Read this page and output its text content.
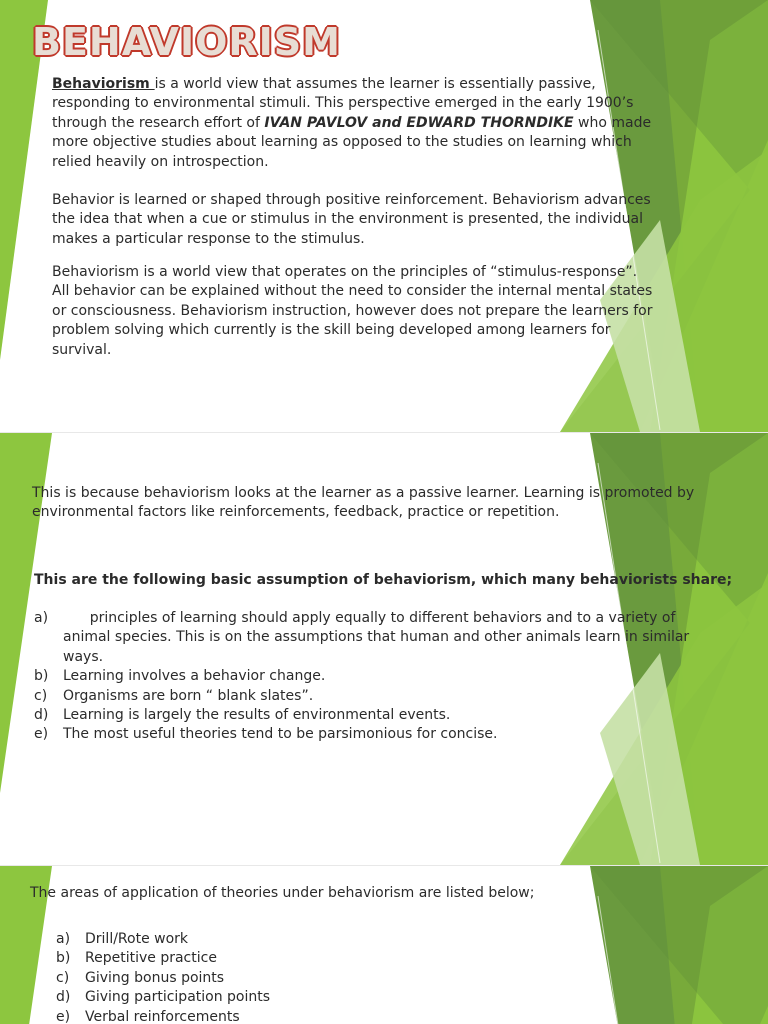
BEHAVIORISM

Behaviorism is a world view that assumes the learner is essentially passive, responding to environmental stimuli. This perspective emerged in the early 1900’s through the research effort of IVAN PAVLOV and EDWARD THORNDIKE who made more objective studies about learning as opposed to the studies on learning which relied heavily on introspection.

Behavior is learned or shaped through positive reinforcement. Behaviorism advances the idea that when a cue or stimulus in the environment is presented, the individual makes a particular response to the stimulus.
Behaviorism is a world view that operates on the principles of “stimulus-response”. All behavior can be explained without the need to consider the internal mental states or consciousness. Behaviorism instruction, however does not prepare the learners for problem solving which currently is the skill being developed among learners for survival.
This is because behaviorism looks at the learner as a passive learner. Learning is promoted by environmental factors like reinforcements, feedback, practice or repetition.
This are the following basic assumption of behaviorism, which many behaviorists share;
a)	principles of learning should apply equally to different behaviors and to a variety of animal species. This is on the assumptions that human and other animals learn in similar ways.
b)	Learning involves a behavior change.
c)	Organisms are born “ blank slates”.
d)	Learning is largely the results of environmental events.
e)	The most useful theories tend to be parsimonious for concise.
The areas of application of theories under behaviorism are listed below;
a)	Drill/Rote work
b)	Repetitive practice
c)	Giving bonus points
d)	Giving participation points
e)	Verbal reinforcements
